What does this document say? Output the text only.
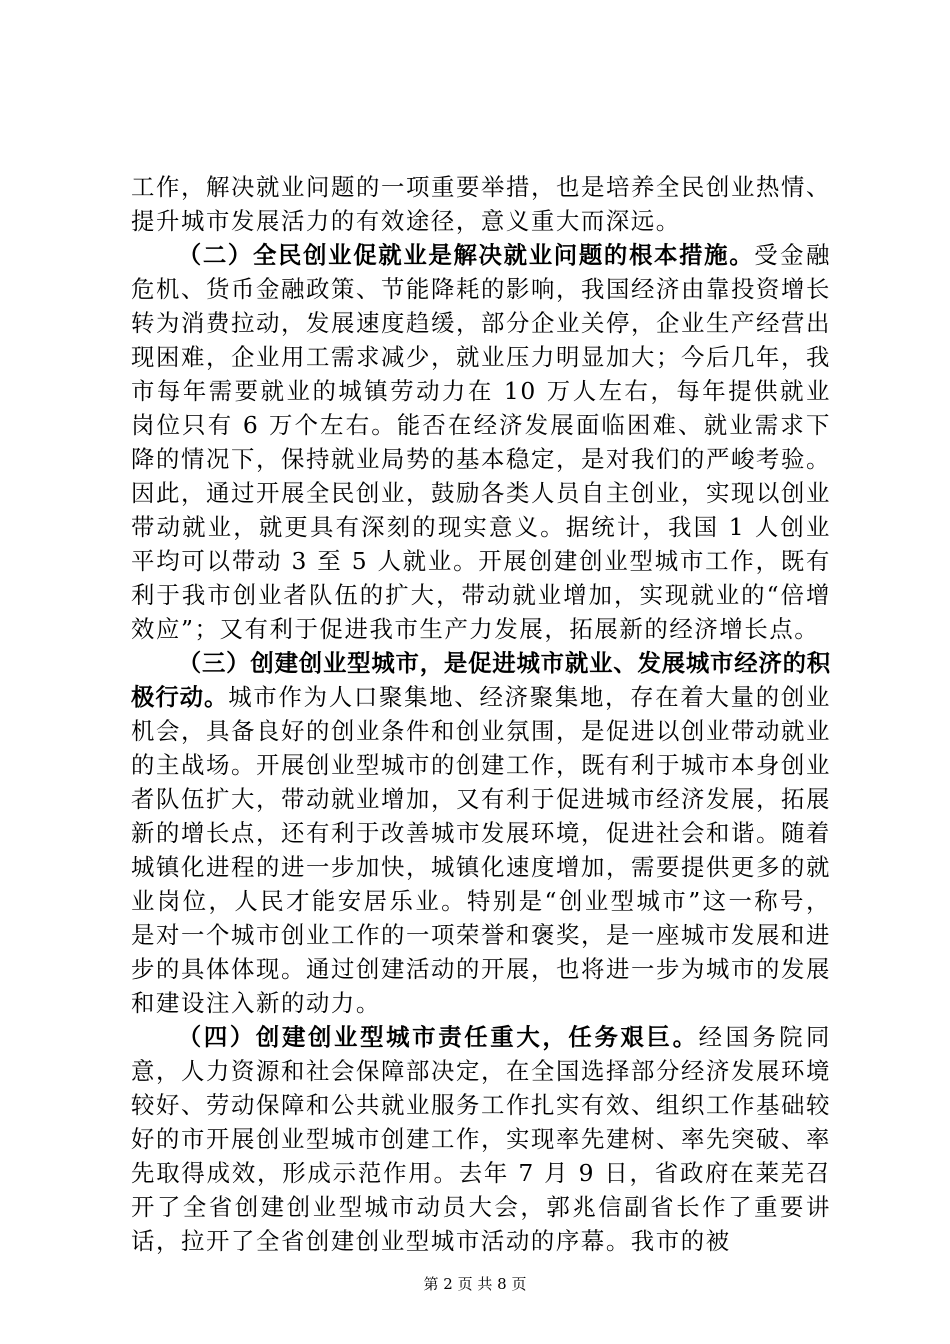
工作，解决就业问题的一项重要举措，也是培养全民创业热情、提升城市发展活力的有效途径，意义重大而深远。

（二）全民创业促就业是解决就业问题的根本措施。受金融危机、货币金融政策、节能降耗的影响，我国经济由靠投资增长转为消费拉动，发展速度趋缓，部分企业关停，企业生产经营出现困难，企业用工需求减少，就业压力明显加大；今后几年，我市每年需要就业的城镇劳动力在 10 万人左右，每年提供就业岗位只有 6 万个左右。能否在经济发展面临困难、就业需求下降的情况下，保持就业局势的基本稳定，是对我们的严峻考验。因此，通过开展全民创业，鼓励各类人员自主创业，实现以创业带动就业，就更具有深刻的现实意义。据统计，我国 1 人创业平均可以带动 3 至 5 人就业。开展创建创业型城市工作，既有利于我市创业者队伍的扩大，带动就业增加，实现就业的“倍增效应”；又有利于促进我市生产力发展，拓展新的经济增长点。

（三）创建创业型城市，是促进城市就业、发展城市经济的积极行动。城市作为人口聚集地、经济聚集地，存在着大量的创业机会，具备良好的创业条件和创业氛围，是促进以创业带动就业的主战场。开展创业型城市的创建工作，既有利于城市本身创业者队伍扩大，带动就业增加，又有利于促进城市经济发展，拓展新的增长点，还有利于改善城市发展环境，促进社会和谐。随着城镇化进程的进一步加快，城镇化速度增加，需要提供更多的就业岗位，人民才能安居乐业。特别是“创业型城市”这一称号，是对一个城市创业工作的一项荣誉和褒奖，是一座城市发展和进步的具体体现。通过创建活动的开展，也将进一步为城市的发展和建设注入新的动力。

（四）创建创业型城市责任重大，任务艰巨。经国务院同意，人力资源和社会保障部决定，在全国选择部分经济发展环境较好、劳动保障和公共就业服务工作扎实有效、组织工作基础较好的市开展创业型城市创建工作，实现率先建树、率先突破、率先取得成效，形成示范作用。去年 7 月 9 日，省政府在莱芜召开了全省创建创业型城市动员大会，郭兆信副省长作了重要讲话，拉开了全省创建创业型城市活动的序幕。我市的被

第 2 页 共 8 页
